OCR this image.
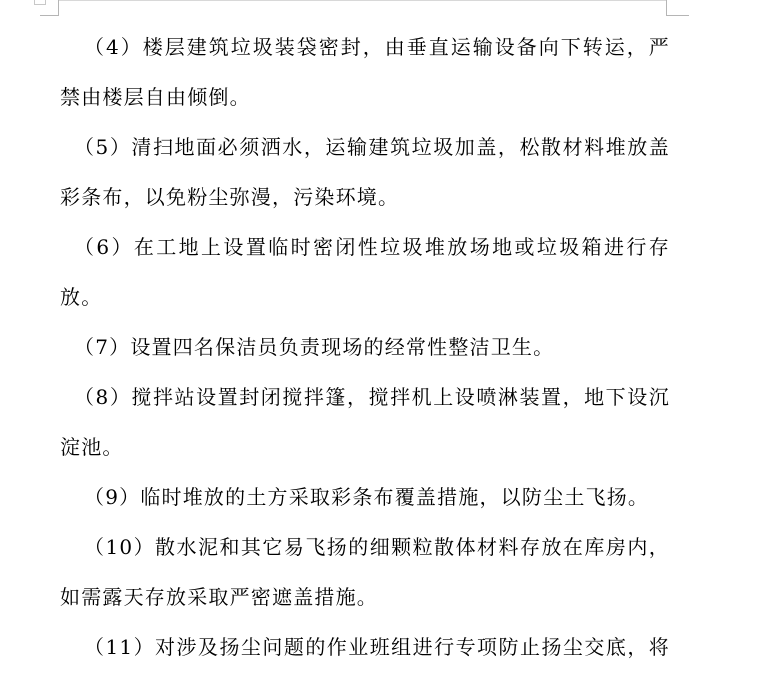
（4）楼层建筑垃圾装袋密封，由垂直运输设备向下转运，严
禁由楼层自由倾倒。
（5）清扫地面必须洒水，运输建筑垃圾加盖，松散材料堆放盖
彩条布，以免粉尘弥漫，污染环境。
（6）在工地上设置临时密闭性垃圾堆放场地或垃圾箱进行存
放。
（7）设置四名保洁员负责现场的经常性整洁卫生。
（8）搅拌站设置封闭搅拌篷，搅拌机上设喷淋装置，地下设沉
淀池。
（9）临时堆放的土方采取彩条布覆盖措施，以防尘土飞扬。
（10）散水泥和其它易飞扬的细颗粒散体材料存放在库房内，
如需露天存放采取严密遮盖措施。
（11）对涉及扬尘问题的作业班组进行专项防止扬尘交底，将
